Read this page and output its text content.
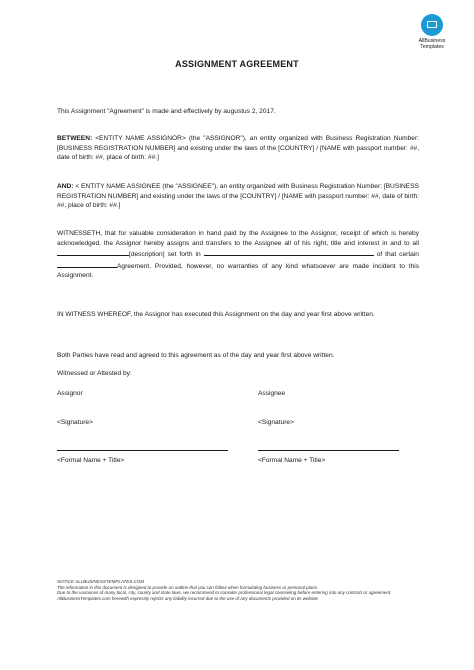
AllBusiness
Templates
ASSIGNMENT AGREEMENT
This Assignment “Agreement” is made and effectively by augustus 2, 2017.
BETWEEN: <ENTITY NAME ASSIGNOR> (the "ASSIGNOR"), an entity organized with Business Registration Number: [BUSINESS REGISTRATION NUMBER] and existing under the laws of the [COUNTRY] / [NAME with passport number: ##, date of birth: ##, place of birth: ##.]
AND: < ENTITY NAME ASSIGNEE (the "ASSIGNEE"), an entity organized with Business Registration Number: [BUSINESS REGISTRATION NUMBER] and existing under the laws of the [COUNTRY] / [NAME with passport number: ##, date of birth: ##, place of birth: ##.]
WITNESSETH, that for valuable consideration in hand paid by the Assignee to the Assignor, receipt of which is hereby acknowledged, the Assignor hereby assigns and transfers to the Assignee all of his right, title and interest in and to all [description] set forth in	of that certain Agreement. Provided, however, no warranties of any kind whatsoever are made incident to this Assignment.
IN WITNESS WHEREOF, the Assignor has executed this Assignment on the day and year first above written.
Both Parties have read and agreed to this agreement as of the day and year first above written.
Witnessed or Attested by:
Assignor	Assignee
<Signature>	<Signature>
<Formal Name + Title>	<Formal Name + Title>
NOTICE ALLBUSINESSTEMPLATES.COM
The information in this document is designed to provide an outline that you can follow when formulating business or personal plans.
Due to the variances of many local, city, county and state laws, we recommend to consider professional legal counseling before entering into any contract or agreement. AllBusinessTemplates.com herewith expressly rejects any liability incurred due to the use of any documents provided on its website
